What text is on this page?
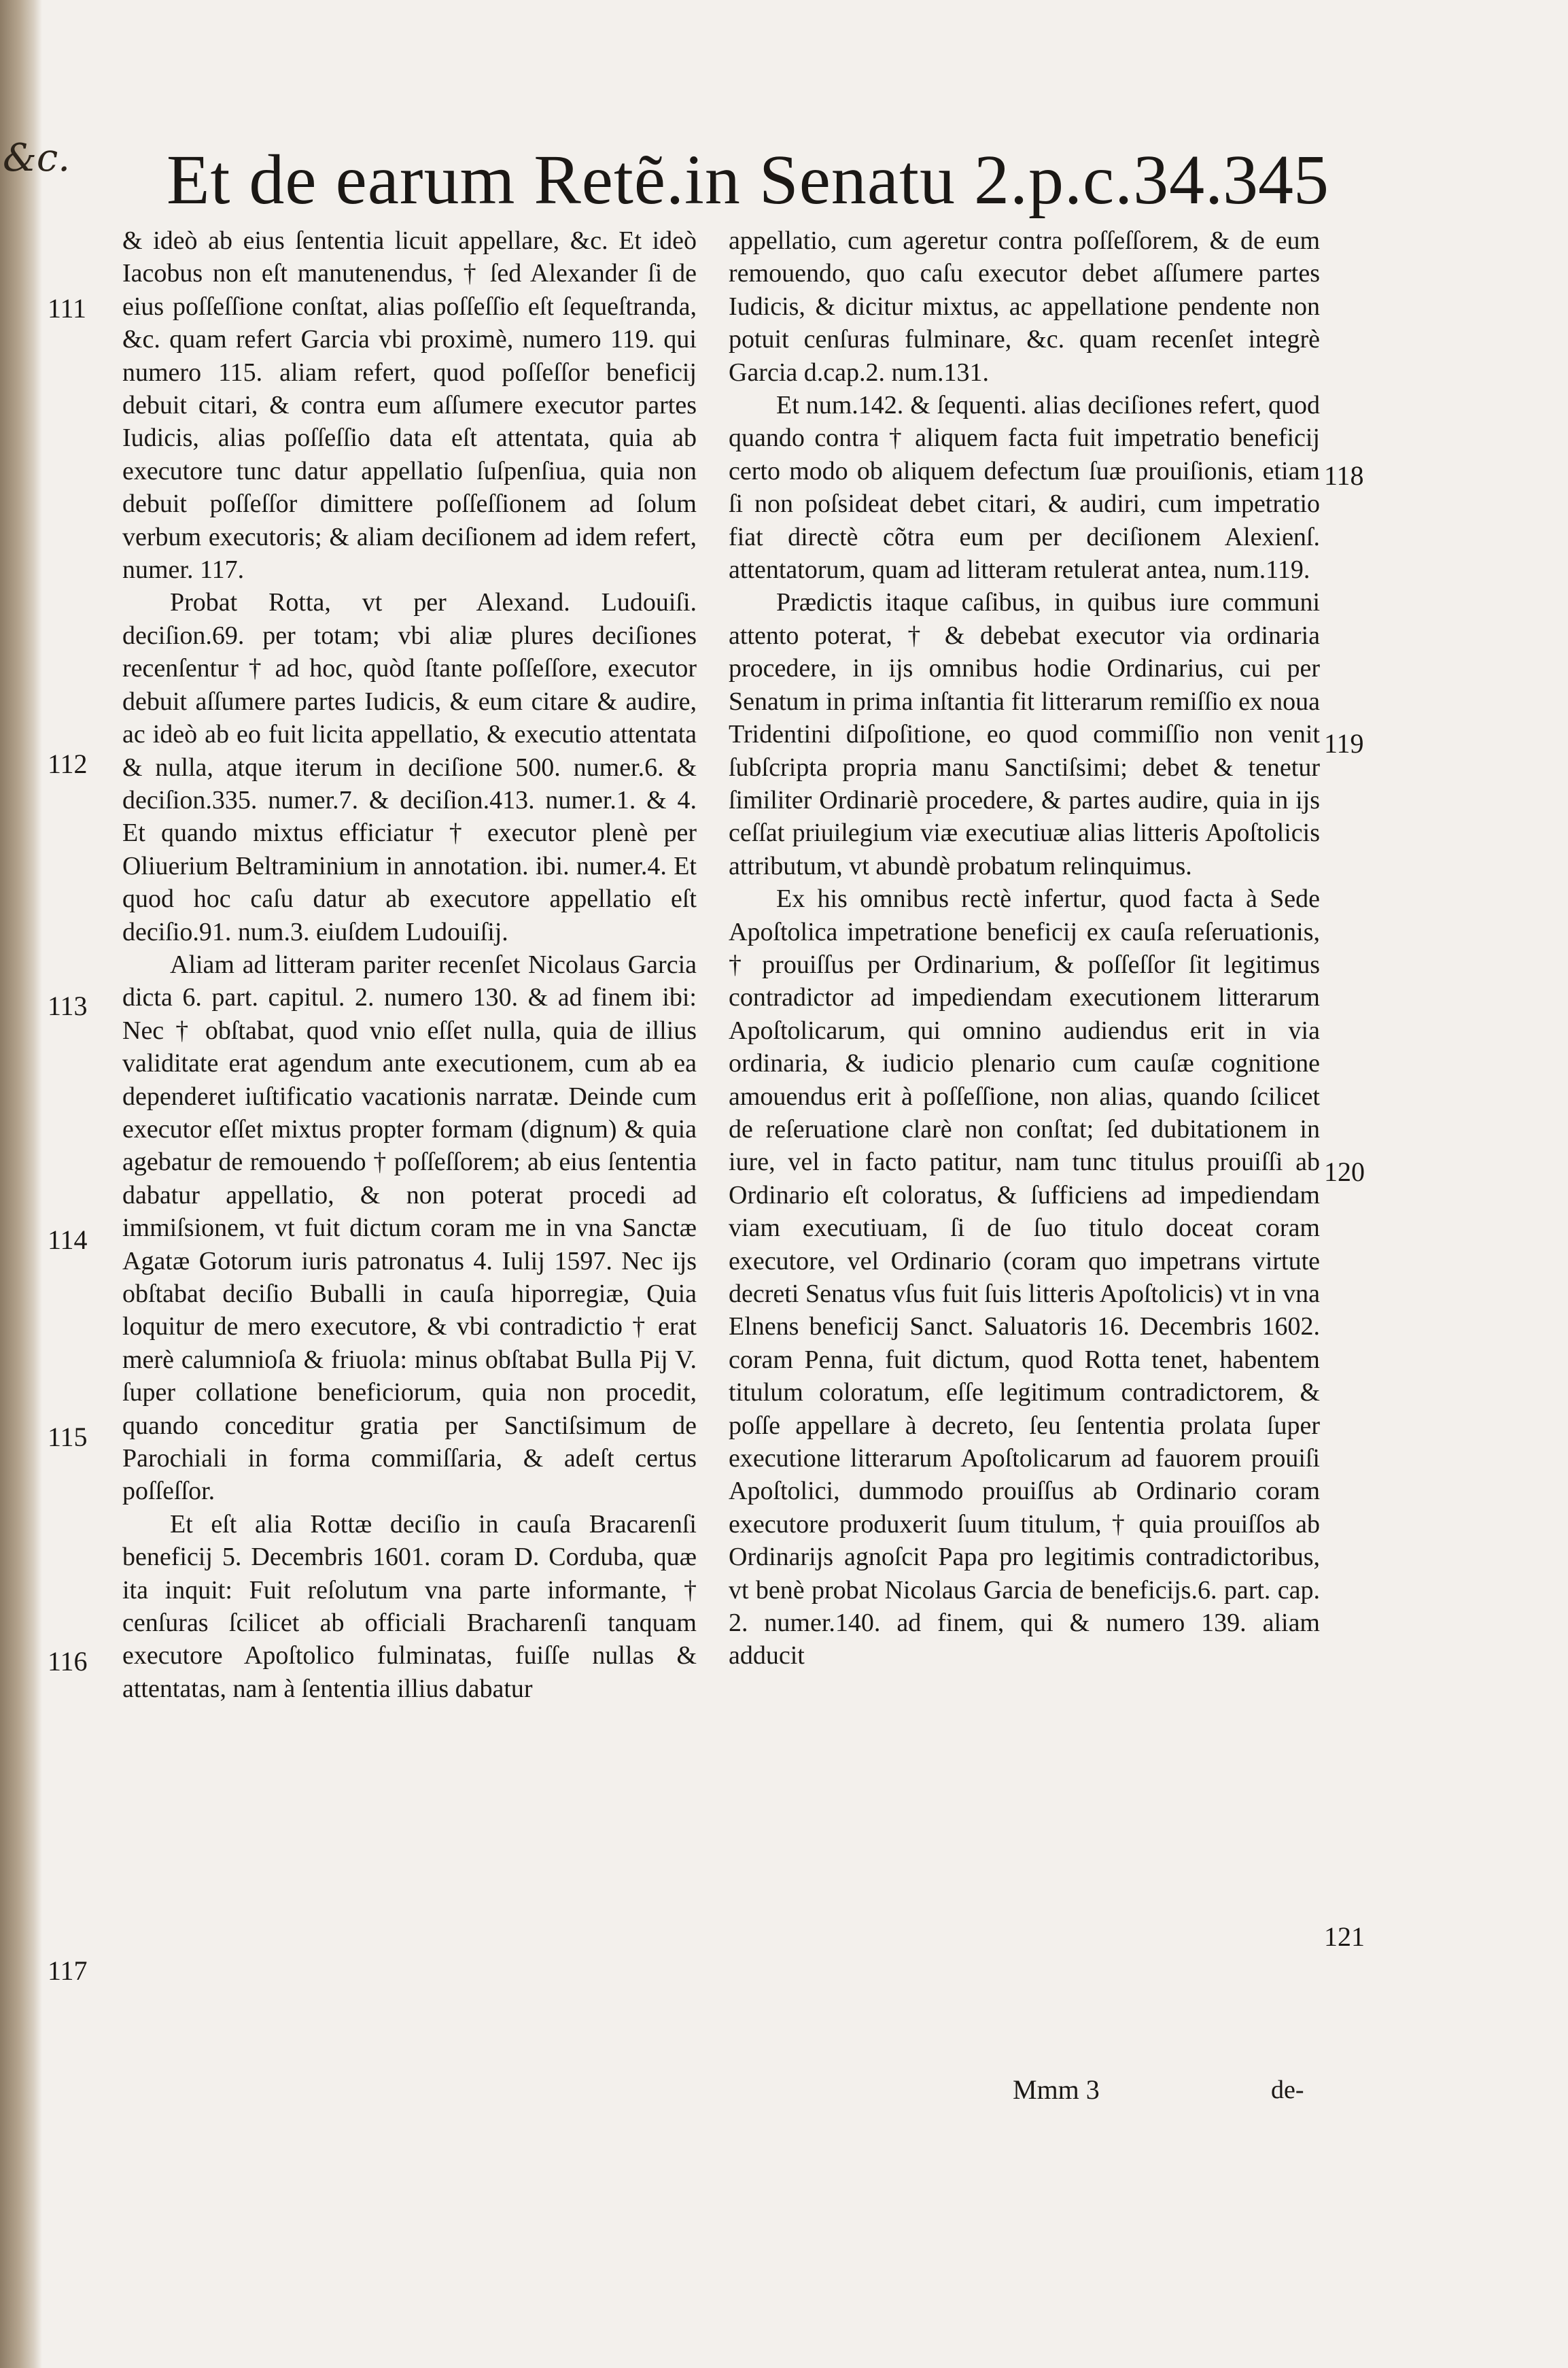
&c. Et de earum Retẽ.in Senatu 2.p.c.34.
345

& ideò ab eius ſententia licuit appellare, &c. Et ideò Iacobus non eſt manutenendus, † ſed Alexander ſi de eius poſſeſſione conſtat, alias poſſeſſio eſt ſequeſtranda, &c. quam refert Garcia vbi proximè, numero 119. qui numero 115. aliam refert, quod poſſeſſor beneficij debuit citari, & contra eum aſſumere executor partes Iudicis, alias poſſeſſio data eſt attentata, quia ab executore tunc datur appellatio ſuſpenſiua, quia non debuit poſſeſſor dimittere poſſeſſionem ad ſolum verbum executoris; & aliam deciſionem ad idem refert, numer. 117.

Probat Rotta, vt per Alexand. Ludouiſi. deciſion.69. per totam; vbi aliæ plures deciſiones recenſentur † ad hoc, quòd ſtante poſſeſſore, executor debuit aſſumere partes Iudicis, & eum citare & audire, ac ideò ab eo fuit licita appellatio, & executio attentata & nulla, atque iterum in deciſione 500. numer.6. & deciſion.335. numer.7. & deciſion.413. numer.1. & 4. Et quando mixtus efficiatur † executor plenè per Oliuerium Beltraminium in annotation. ibi. numer.4. Et quod hoc caſu datur ab executore appellatio eſt deciſio.91. num.3. eiuſdem Ludouiſij.

Aliam ad litteram pariter recenſet Nicolaus Garcia dicta 6. part. capitul. 2. numero 130. & ad finem ibi: Nec † obſtabat, quod vnio eſſet nulla, quia de illius validitate erat agendum ante executionem, cum ab ea dependeret iuſtificatio vacationis narratæ. Deinde cum executor eſſet mixtus propter formam (dignum) & quia agebatur de remouendo † poſſeſſorem; ab eius ſententia dabatur appellatio, & non poterat procedi ad immiſsionem, vt fuit dictum coram me in vna Sanctæ Agatæ Gotorum iuris patronatus 4. Iulij 1597. Nec ijs obſtabat deciſio Buballi in cauſa hiporregiæ, Quia loquitur de mero executore, & vbi contradictio † erat merè calumnioſa & friuola: minus obſtabat Bulla Pij V. ſuper collatione beneficiorum, quia non procedit, quando conceditur gratia per Sanctiſsimum de Parochiali in forma commiſſaria, & adeſt certus poſſeſſor.

Et eſt alia Rottæ deciſio in cauſa Bracarenſi beneficij 5. Decembris 1601. coram D. Corduba, quæ ita inquit: Fuit reſolutum vna parte informante, † cenſuras ſcilicet ab officiali Bracharenſi tanquam executore Apoſtolico fulminatas, fuiſſe nullas & attentatas, nam à ſententia illius dabatur

appellatio, cum ageretur contra poſſeſſorem, & de eum remouendo, quo caſu executor debet aſſumere partes Iudicis, & dicitur mixtus, ac appellatione pendente non potuit cenſuras fulminare, &c. quam recenſet integrè Garcia d.cap.2. num.131.

Et num.142. & ſequenti. alias deciſiones refert, quod quando contra † aliquem facta fuit impetratio beneficij certo modo ob aliquem defectum ſuæ prouiſionis, etiam ſi non poſsideat debet citari, & audiri, cum impetratio fiat directè cõtra eum per deciſionem Alexienſ. attentatorum, quam ad litteram retulerat antea, num.119.

Prædictis itaque caſibus, in quibus iure communi attento poterat, † & debebat executor via ordinaria procedere, in ijs omnibus hodie Ordinarius, cui per Senatum in prima inſtantia fit litterarum remiſſio ex noua Tridentini diſpoſitione, eo quod commiſſio non venit ſubſcripta propria manu Sanctiſsimi; debet & tenetur ſimiliter Ordinariè procedere, & partes audire, quia in ijs ceſſat priuilegium viæ executiuæ alias litteris Apoſtolicis attributum, vt abundè probatum relinquimus.

Ex his omnibus rectè infertur, quod facta à Sede Apoſtolica impetratione beneficij ex cauſa reſeruationis, † prouiſſus per Ordinarium, & poſſeſſor ſit legitimus contradictor ad impediendam executionem litterarum Apoſtolicarum, qui omnino audiendus erit in via ordinaria, & iudicio plenario cum cauſæ cognitione amouendus erit à poſſeſſione, non alias, quando ſcilicet de reſeruatione clarè non conſtat; ſed dubitationem in iure, vel in facto patitur, nam tunc titulus prouiſſi ab Ordinario eſt coloratus, & ſufficiens ad impediendam viam executiuam, ſi de ſuo titulo doceat coram executore, vel Ordinario (coram quo impetrans virtute decreti Senatus vſus fuit ſuis litteris Apoſtolicis) vt in vna Elnens beneficij Sanct. Saluatoris 16. Decembris 1602. coram Penna, fuit dictum, quod Rotta tenet, habentem titulum coloratum, eſſe legitimum contradictorem, & poſſe appellare à decreto, ſeu ſententia prolata ſuper executione litterarum Apoſtolicarum ad fauorem prouiſi Apoſtolici, dummodo prouiſſus ab Ordinario coram executore produxerit ſuum titulum, † quia prouiſſos ab Ordinarijs agnoſcit Papa pro legitimis contradictoribus, vt benè probat Nicolaus Garcia de beneficijs.6. part. cap. 2. numer.140. ad finem, qui & numero 139. aliam adducit

111
112
113
114
115
116
117
118
119
120
121
Mmm 3	de-
